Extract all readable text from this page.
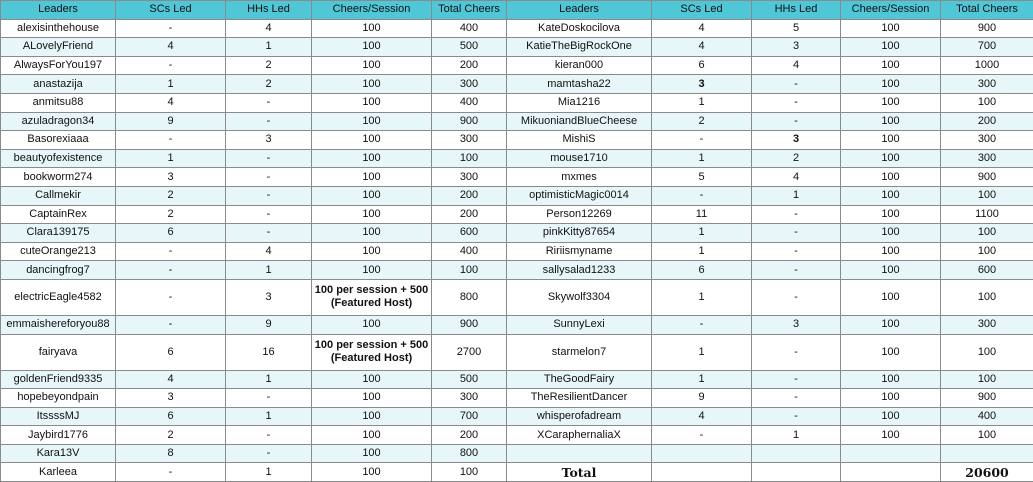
Leaders	SCs Led	HHs Led	Cheers/Session	Total Cheers	Leaders	SCs Led	HHs Led	Cheers/Session	Total Cheers
alexisinthehouse	-	4	100	400	KateDoskocilova	4	5	100	900
ALovelyFriend	4	1	100	500	KatieTheBigRockOne	4	3	100	700
AlwaysForYou197	-	2	100	200	kieran000	6	4	100	1000
anastazija	1	2	100	300	mamtasha22	3	-	100	300
anmitsu88	4	-	100	400	Mia1216	1	-	100	100
azuladragon34	9	-	100	900	MikuoniandBlueCheese	2	-	100	200
Basorexiaaa	-	3	100	300	MishiS	-	3	100	300
beautyofexistence	1	-	100	100	mouse1710	1	2	100	300
bookworm274	3	-	100	300	mxmes	5	4	100	900
Callmekir	2	-	100	200	optimisticMagic0014	-	1	100	100
CaptainRex	2	-	100	200	Person12269	11	-	100	1100
Clara139175	6	-	100	600	pinkKitty87654	1	-	100	100
cuteOrange213	-	4	100	400	Ririismyname	1	-	100	100
dancingfrog7	-	1	100	100	sallysalad1233	6	-	100	600
electricEagle4582	-	3	100 per session + 500 (Featured Host)	800	Skywolf3304	1	-	100	100
emmaishereforyou88	-	9	100	900	SunnyLexi	-	3	100	300
fairyava	6	16	100 per session + 500 (Featured Host)	2700	starmelon7	1	-	100	100
goldenFriend9335	4	1	100	500	TheGoodFairy	1	-	100	100
hopebeyondpain	3	-	100	300	TheResilientDancer	9	-	100	900
ItssssMJ	6	1	100	700	whisperofadream	4	-	100	400
Jaybird1776	2	-	100	200	XCaraphernaliaX	-	1	100	100
Kara13V	8	-	100	800					
Karleea	-	1	100	100	Total				20600
